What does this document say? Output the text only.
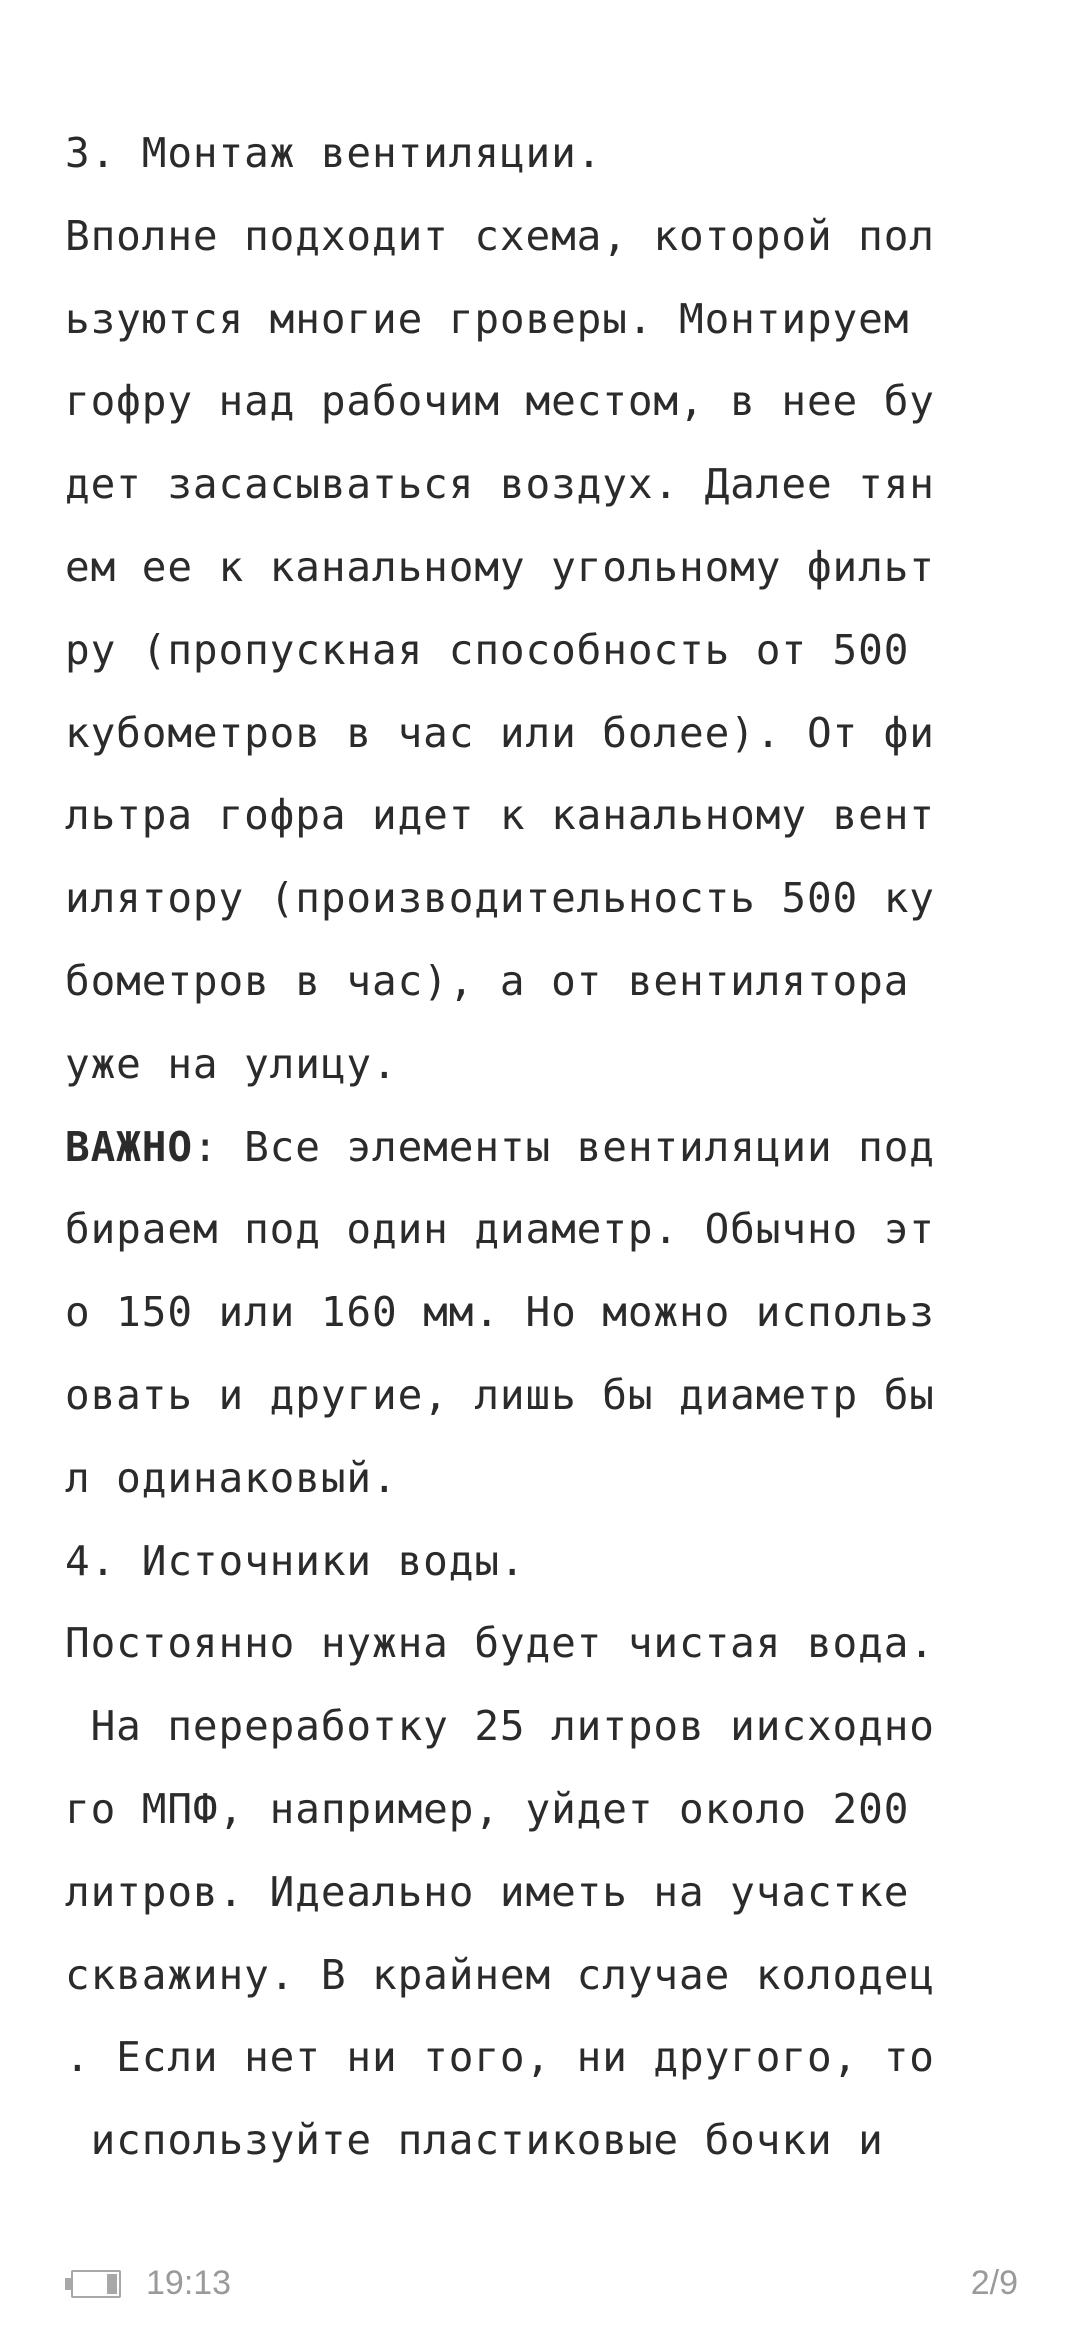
3. Монтаж вентиляции.
Вполне подходит схема, которой пол
ьзуются многие гроверы. Монтируем
гофру над рабочим местом, в нее бу
дет засасываться воздух. Далее тян
ем ее к канальному угольному фильт
ру (пропускная способность от 500
кубометров в час или более). От фи
льтра гофра идет к канальному вент
илятору (производительность 500 ку
бометров в час), а от вентилятора
уже на улицу.
ВАЖНО: Все элементы вентиляции под
бираем под один диаметр. Обычно эт
о 150 или 160 мм. Но можно использ
овать и другие, лишь бы диаметр бы
л одинаковый.
4. Источники воды.
Постоянно нужна будет чистая вода.
На переработку 25 литров иисходно
го МПФ, например, уйдет около 200
литров. Идеально иметь на участке
скважину. В крайнем случае колодец
. Если нет ни того, ни другого, то
используйте пластиковые бочки и
19:13	2/9
